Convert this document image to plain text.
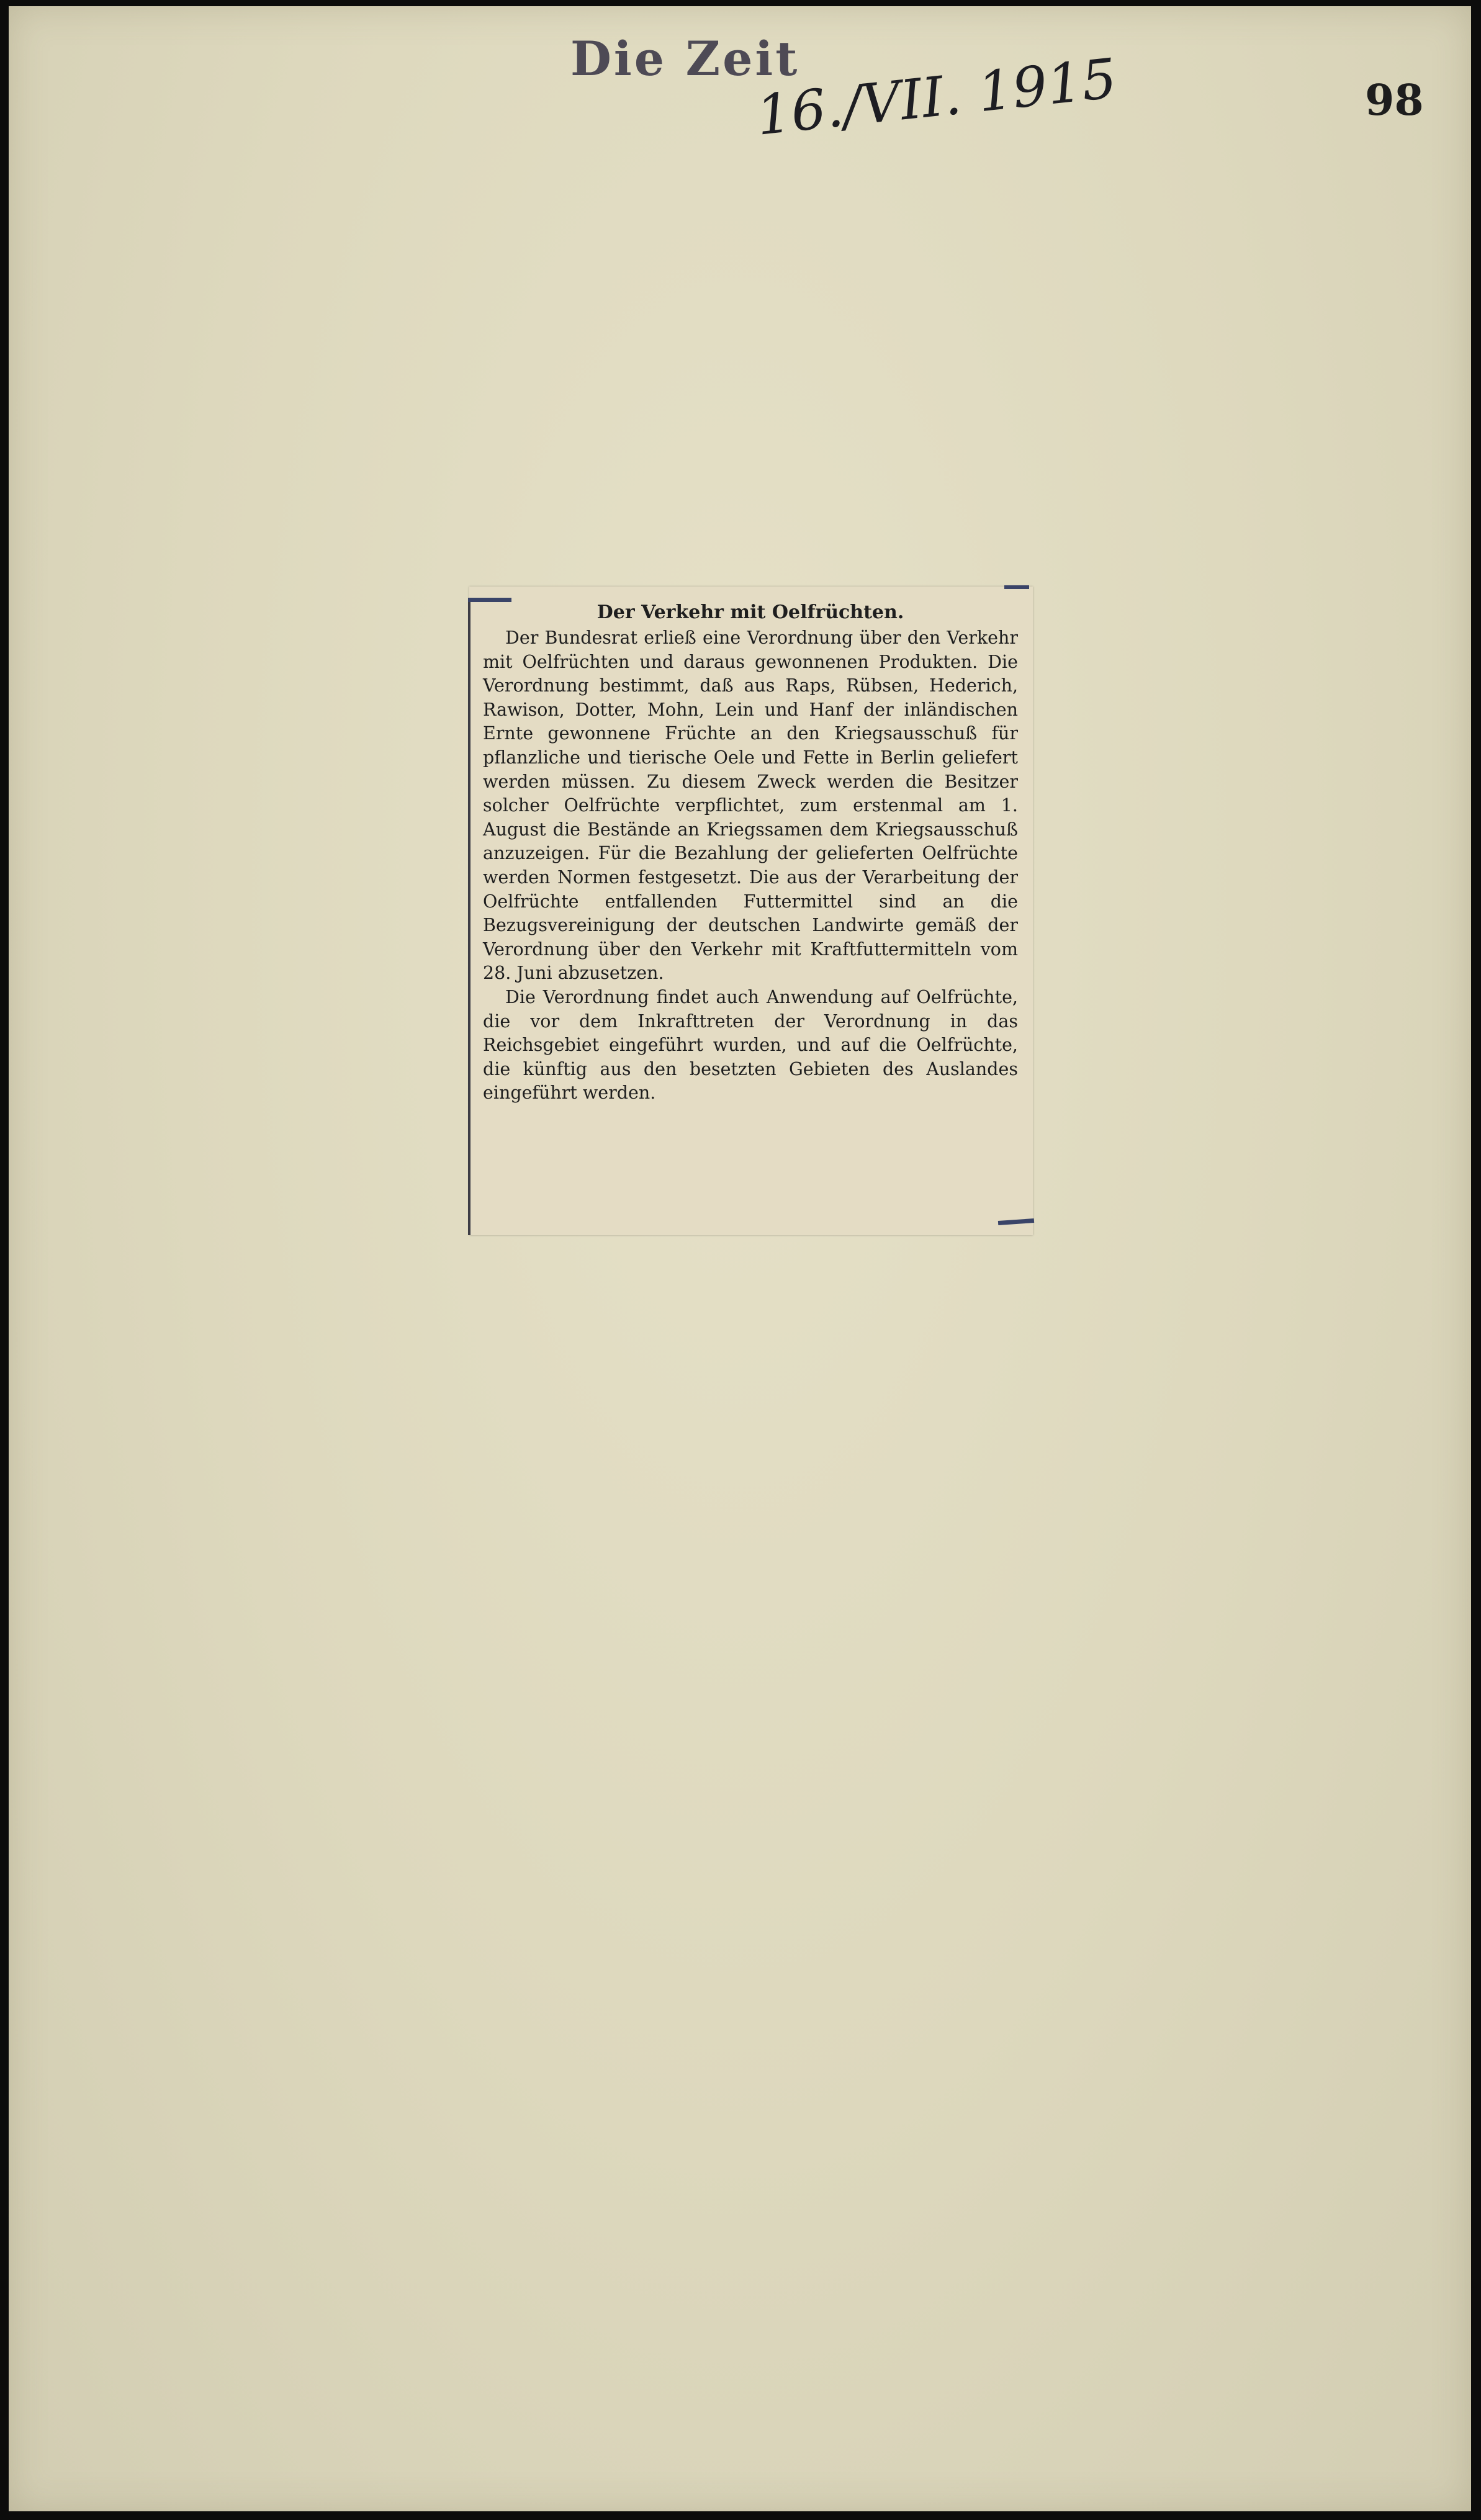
Die Zeit
16./VII. 1915	98
Der Verkehr mit Oelfrüchten.

Der Bundesrat erließ eine Verordnung über den Verkehr mit Oelfrüchten und daraus gewonnenen Produkten. Die Verordnung bestimmt, daß aus Raps, Rübsen, Hederich, Rawison, Dotter, Mohn, Lein und Hanf der inländischen Ernte gewonnene Früchte an den Kriegsausschuß für pflanzliche und tierische Oele und Fette in Berlin geliefert werden müssen. Zu diesem Zweck werden die Besitzer solcher Oelfrüchte verpflichtet, zum erstenmal am 1. August die Bestände an Kriegssamen dem Kriegsausschuß anzuzeigen. Für die Bezahlung der gelieferten Oelfrüchte werden Normen festgesetzt. Die aus der Verarbeitung der Oelfrüchte entfallenden Futtermittel sind an die Bezugsvereinigung der deutschen Landwirte gemäß der Verordnung über den Verkehr mit Kraftfuttermitteln vom 28. Juni abzusetzen.

Die Verordnung findet auch Anwendung auf Oelfrüchte, die vor dem Inkrafttreten der Verordnung in das Reichsgebiet eingeführt wurden, und auf die Oelfrüchte, die künftig aus den besetzten Gebieten des Auslandes eingeführt werden.
